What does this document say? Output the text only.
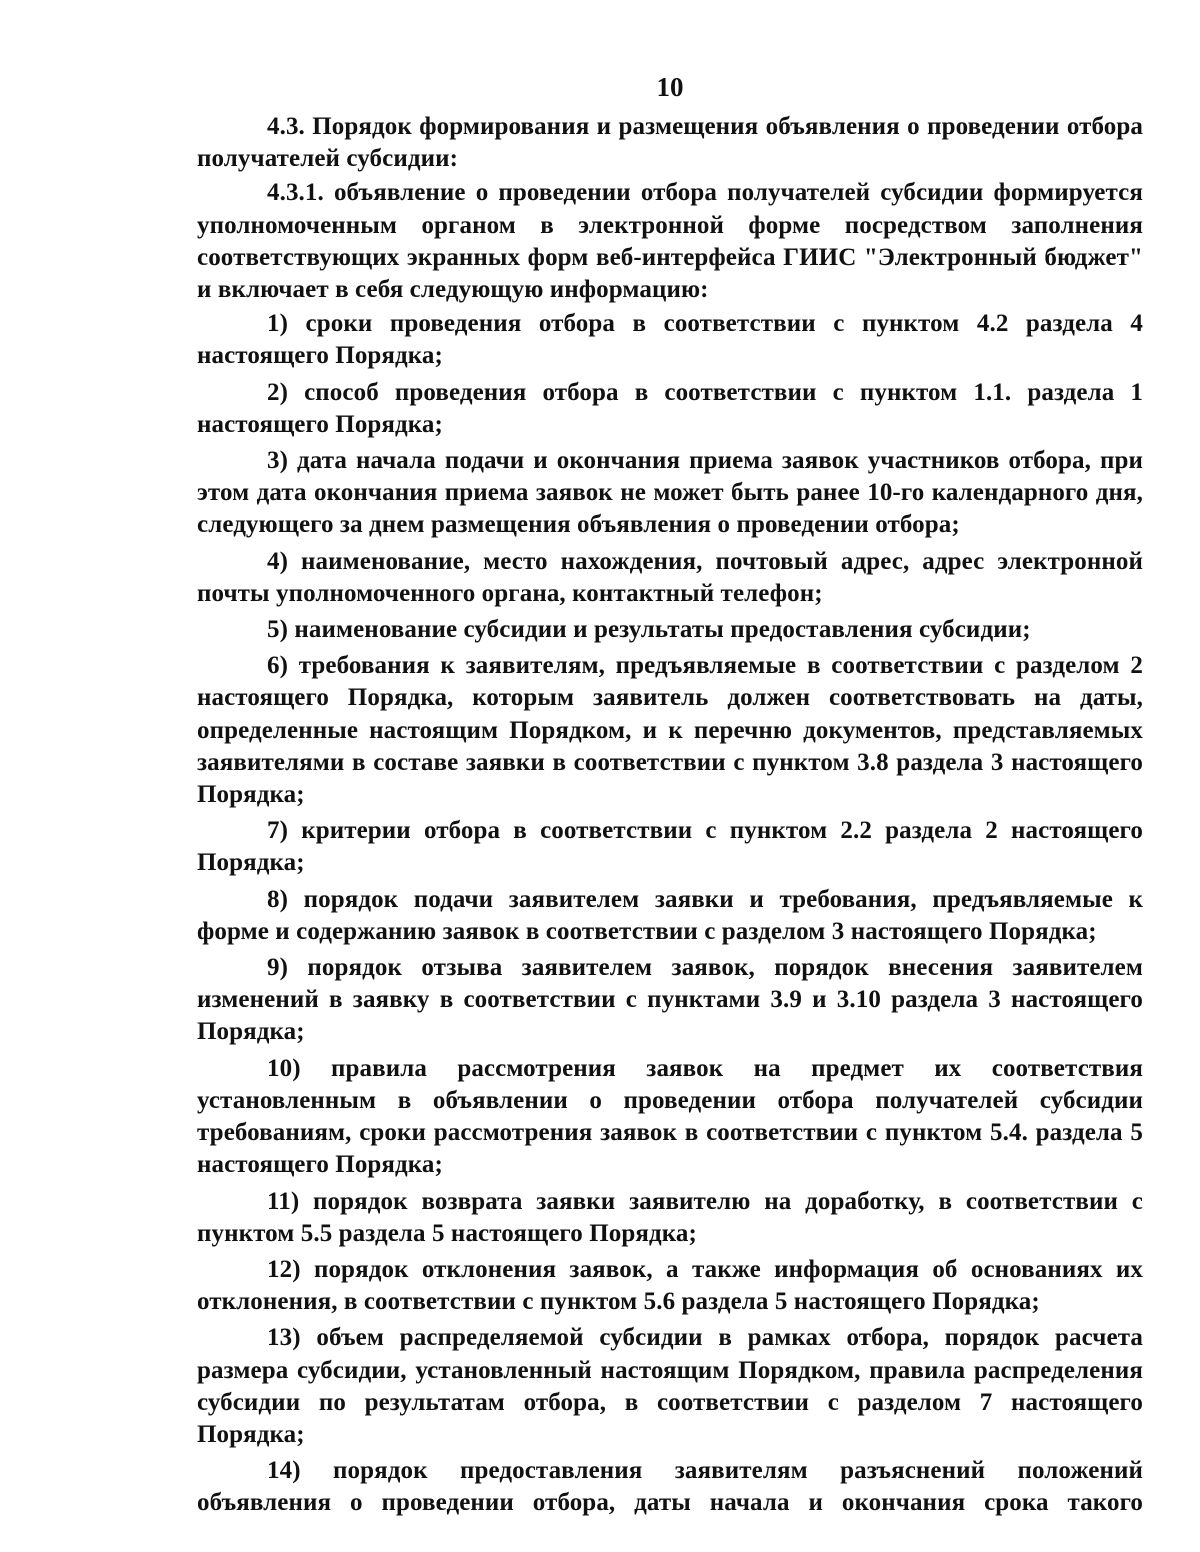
10

4.3. Порядок формирования и размещения объявления о проведении отбора получателей субсидии:

4.3.1. объявление о проведении отбора получателей субсидии формируется уполномоченным органом в электронной форме посредством заполнения соответствующих экранных форм веб-интерфейса ГИИС "Электронный бюджет" и включает в себя следующую информацию:

1) сроки проведения отбора в соответствии с пунктом 4.2 раздела 4 настоящего Порядка;

2) способ проведения отбора в соответствии с пунктом 1.1. раздела 1 настоящего Порядка;

3) дата начала подачи и окончания приема заявок участников отбора, при этом дата окончания приема заявок не может быть ранее 10-го календарного дня, следующего за днем размещения объявления о проведении отбора;

4) наименование, место нахождения, почтовый адрес, адрес электронной почты уполномоченного органа, контактный телефон;

5) наименование субсидии и результаты предоставления субсидии;

6) требования к заявителям, предъявляемые в соответствии с разделом 2 настоящего Порядка, которым заявитель должен соответствовать на даты, определенные настоящим Порядком, и к перечню документов, представляемых заявителями в составе заявки в соответствии с пунктом 3.8 раздела 3 настоящего Порядка;

7) критерии отбора в соответствии с пунктом 2.2 раздела 2 настоящего Порядка;

8) порядок подачи заявителем заявки и требования, предъявляемые к форме и содержанию заявок в соответствии с разделом 3 настоящего Порядка;

9) порядок отзыва заявителем заявок, порядок внесения заявителем изменений в заявку в соответствии с пунктами 3.9 и 3.10 раздела 3 настоящего Порядка;

10) правила рассмотрения заявок на предмет их соответствия установленным в объявлении о проведении отбора получателей субсидии требованиям, сроки рассмотрения заявок в соответствии с пунктом 5.4. раздела 5 настоящего Порядка;

11) порядок возврата заявки заявителю на доработку, в соответствии с пунктом 5.5 раздела 5 настоящего Порядка;

12) порядок отклонения заявок, а также информация об основаниях их отклонения, в соответствии с пунктом 5.6 раздела 5 настоящего Порядка;

13) объем распределяемой субсидии в рамках отбора, порядок расчета размера субсидии, установленный настоящим Порядком, правила распределения субсидии по результатам отбора, в соответствии с разделом 7 настоящего Порядка;

14) порядок предоставления заявителям разъяснений положений объявления о проведении отбора, даты начала и окончания срока такого
